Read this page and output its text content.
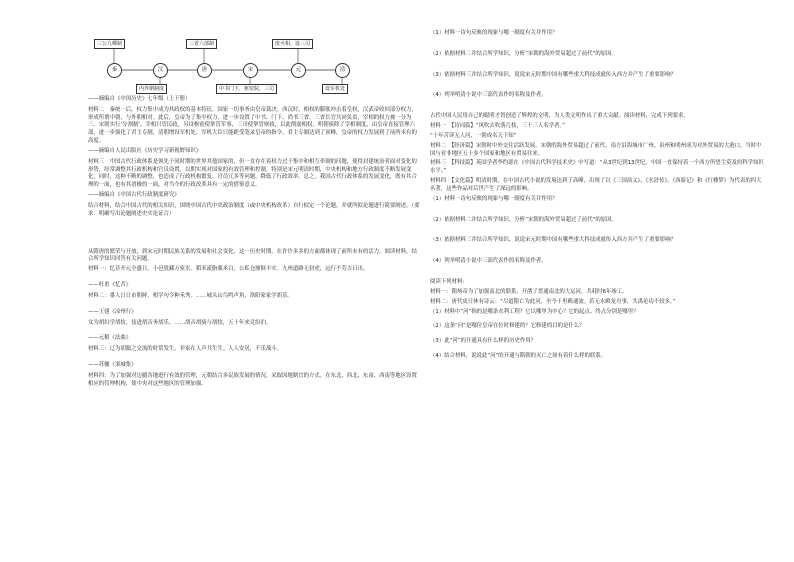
三公九卿制	三省六部制	废丞相，设三司
秦	汉	唐	宋	元	清
内外朝制度	中书门下，枢密院，三司	设军机处

——摘编自《中国历史》七年级（上下册）

材料二　秦统一后，权力集中成为其政权的基本特征，国家一切事务由皇帝裁决。西汉时，相权的膨胀冲击着皇权，汉武帝收回部分权力，形成所谓中朝，与外朝相对。此后，皇帝为了集中权力，进一步设置了中书、门下、尚书三省，三省长官共同负责，宰相的权力被一分为三。宋朝实行‘分割制’，宰相只管民政，另设枢密使掌管军事，三司使掌管财政，以此削弱相权。明朝废除了宰相制度，由皇帝直接管理六部，进一步强化了君主专制，清朝增设军机处，军机大臣只能跪受笔录皇帝的指令，君主专制达到了顶峰，皇帝的权力发展到了前所未有的高度。

——摘编自人民出版社《历史学习新视野知识》

材料三　中国古代行政体系是领先于同时期的世界其他国家的，但一直存在着权力过于集中和相互牵制的问题，使得封建统治者面对变化的形势，经常调整其行政机构和官员设置，以期实现对国家的有效管理和控制。特别是宋元明清时期，中央机构和地方行政制度不断发展变化，同时，这种不断的调整，也造成了行政机构繁复、官员冗多等问题，降低了行政效率。总之，我国古代行政体系的发展变化，既有其合理的一面，也有其消极的一面，对当今的行政改革具有一定的借鉴意义。

——摘编自《中国古代行政制度研究》

结合材料，结合中国古代的相关知识，围绕中国古代中央政治制度（或中央机构改革）自行拟定一个论题，并就所拟论题进行简要阐述。（要求：明确写出论题阐述史实论证合）

从隋唐的繁荣与开放，到宋元时期民族关系的发展和社会变化，这一历史时期，在许许多多的方面都体现了前所未有的活力。阅读材料，结合所学知识回答有关问题。

材料一：忆昔开元全盛日，小邑犹藏万家室。稻米流脂粟米白，公私仓廪俱丰实。九州道路无豺虎，远行不劳吉日出。

——杜甫《忆昔》

材料二：番人日日市朝鲜，相学句令种禾秀。……城头山鸟鸣声角，洛阳家家学胡乐。

——王建《凉州行》

女为胡妇学胡妆，伎进胡音务胡乐。……胡音胡骑与胡妆，五十年来竞纷泊。

——元稹《法曲》

材料三：辽为胡服之交流的时常发生，非家在人声共生生。人人安居，不乐战斗。

——苏辙《栾城集》

材料四：为了加强对边疆各地进行有效的管理，元朝结合多民族发展的情况，采取因地制宜的方式。在东北、西北、东南、西南等地区设置相应的管理机构，使中央对这些地区的管理加强。

（1）材料一诗句反映的现象与哪一制度有关并作用？

（2）依据材料二并结合所学知识，分析“宋朝的海外贸易超过了前代”的原因。

（3）依据材料三并结合所学知识，说说宋元时期中国有哪些重大科技成就传入西方并产生了重要影响？

（4）列举明清小说中三部代表作的名称及作者。

古代中国人民用自己的聪明才智创造了辉煌的文明，为人类文明作出了重大贡献。阅读材料，完成下列要求。

材料一　【诗词篇】“风吹去吹落几枝，三十三人名学者。”

“十年苦读无人问，一朝成名天下知”

材料二　【经济篇】宋朝时中外交往活跃发展。宋朝的海外贸易超过了前代，南方沿海城市广州、泉州和明州成为对外贸易的大港口，当时中国与亚非地区五十多个国家和地区有贸易往来。

材料三　【科技篇】英国学者李约瑟在《中国古代科学技术史》中写道：“从3世纪到13世纪，中国一直保持着一个西方所望尘莫及的科学知识水平。”

材料四　【文化篇】明清时期，在中国古代小说的发展达到了高峰，出现了以《三国演义》、《水浒传》、《西游记》和《红楼梦》为代表的四大名著，这些作品对后世产生了深远的影响。

（1）材料一诗句反映的现象与哪一制度有关并作用？

（2）依据材料二并结合所学知识，分析“宋朝的海外贸易超过了前代”的原因。

（3）依据材料三并结合所学知识，说说宋元时期中国有哪些重大科技成就传入西方并产生了重要影响？

（4）列举明清小说中三部代表作的名称及作者。

阅读下列材料：

材料一：隋炀帝为了加强南北的联系，开凿了贯通南北的大运河，共耗时6年竣工。

材料二：唐代皮日休有诗云：“尽道隋亡为此河，至今千里赖通波。若无水殿龙舟事，共禹论功不较多。”

（1）材料中“河”指的是哪条水利工程？它以哪里为中心？它的起点、终点分别是哪里？

（2）这条“河”是哪位皇帝在位时修建的？它修建的目的是什么？

（3）此“河”的开通具有什么样的历史作用？

（4）结合材料，说说此“河”的开通与隋朝的灭亡之间有着什么样的联系。
